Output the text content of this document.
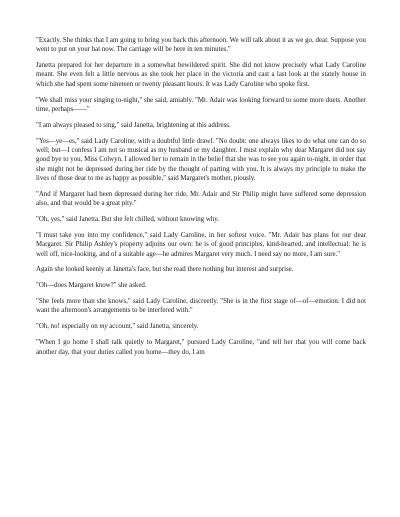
"Exactly. She thinks that I am going to bring you back this afternoon. We will talk about it as we go, dear. Suppose you went to put on your hat now. The carriage will be here in ten minutes."

Janetta prepared for her departure in a somewhat bewildered spirit. She did not know precisely what Lady Caroline meant. She even felt a little nervous as she took her place in the victoria and cast a last look at the stately house in which she had spent some nineteen or twenty pleasant hours. It was Lady Caroline who spoke first.

"We shall miss your singing to-night," she said, amiably. "Mr. Adair was looking forward to some more duets. Another time, perhaps——"

"I am always pleased to sing," said Janetta, brightening at this address.

"Yes—ye—es," said Lady Caroline, with a doubtful little drawl. "No doubt: one always likes to do what one can do so well; but—I confess I am not so musical as my husband or my daughter. I must explain why dear Margaret did not say good bye to you, Miss Colwyn. I allowed her to remain in the belief that she was to see you again to-night, in order that she might not be depressed during her ride by the thought of parting with you. It is always my principle to make the lives of those dear to me as happy as possible," said Margaret's mother, piously.

"And if Margaret had been depressed during her ride, Mr. Adair and Sir Philip might have suffered some depression also, and that would be a great pity."

"Oh, yes," said Janetta. But she felt chilled, without knowing why.

"I must take you into my confidence," said Lady Caroline, in her softest voice. "Mr. Adair has plans for our dear Margaret. Sir Philip Ashley's property adjoins our own: he is of good principles, kind-hearted, and intellectual: he is well off, nice-looking, and of a suitable age—he admires Margaret very much. I need say no more, I am sure."

Again she looked keenly at Janetta's face, but she read there nothing but interest and surprise.

"Oh—does Margaret know?" she asked.

"She feels more than she knows," said Lady Caroline, discreetly. "She is in the first stage of—of—emotion. I did not want the afternoon's arrangements to be interfered with."

"Oh, no! especially on my account," said Janetta, sincerely.

"When I go home I shall talk quietly to Margaret," pursued Lady Caroline, "and tell her that you will come back another day, that your duties called you home—they do, I am
